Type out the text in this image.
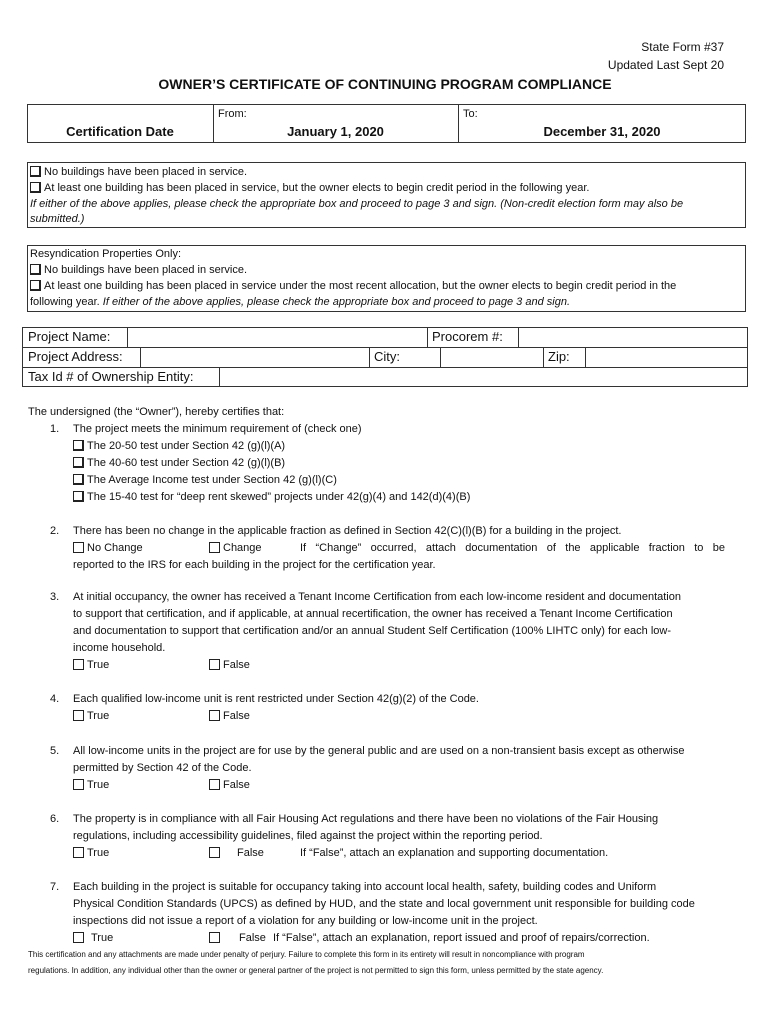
State Form #37
Updated Last Sept 20
OWNER’S CERTIFICATE OF CONTINUING PROGRAM COMPLIANCE
From:	To:
Certification Date	January 1, 2020	December 31, 2020
No buildings have been placed in service.
At least one building has been placed in service, but the owner elects to begin credit period in the following year.
If either of the above applies, please check the appropriate box and proceed to page 3 and sign. (Non-credit election form may also be
submitted.)
Resyndication Properties Only:
No buildings have been placed in service.
At least one building has been placed in service under the most recent allocation, but the owner elects to begin credit period in the
following year. If either of the above applies, please check the appropriate box and proceed to page 3 and sign.
Project Name:	Procorem #:
Project Address:	City:	Zip:
Tax Id # of Ownership Entity:
The undersigned (the “Owner”), hereby certifies that:
1. The project meets the minimum requirement of (check one)
The 20-50 test under Section 42 (g)(l)(A)
The 40-60 test under Section 42 (g)(l)(B)
The Average Income test under Section 42 (g)(l)(C)
The 15-40 test for “deep rent skewed” projects under 42(g)(4) and 142(d)(4)(B)
2. There has been no change in the applicable fraction as defined in Section 42(C)(l)(B) for a building in the project.
No Change	Change	If “Change” occurred, attach documentation of the applicable fraction to be
reported to the IRS for each building in the project for the certification year.
3. At initial occupancy, the owner has received a Tenant Income Certification from each low-income resident and documentation
to support that certification, and if applicable, at annual recertification, the owner has received a Tenant Income Certification
and documentation to support that certification and/or an annual Student Self Certification (100% LIHTC only) for each low-
income household.
True	False
4. Each qualified low-income unit is rent restricted under Section 42(g)(2) of the Code.
True	False
5. All low-income units in the project are for use by the general public and are used on a non-transient basis except as otherwise
permitted by Section 42 of the Code.
True	False
6. The property is in compliance with all Fair Housing Act regulations and there have been no violations of the Fair Housing
regulations, including accessibility guidelines, filed against the project within the reporting period.
True	False	If “False”, attach an explanation and supporting documentation.
7. Each building in the project is suitable for occupancy taking into account local health, safety, building codes and Uniform
Physical Condition Standards (UPCS) as defined by HUD, and the state and local government unit responsible for building code
inspections did not issue a report of a violation for any building or low-income unit in the project.
True	False If “False”, attach an explanation, report issued and proof of repairs/correction.
This certification and any attachments are made under penalty of perjury. Failure to complete this form in its entirety will result in noncompliance with program
regulations. In addition, any individual other than the owner or general partner of the project is not permitted to sign this form, unless permitted by the state agency.
